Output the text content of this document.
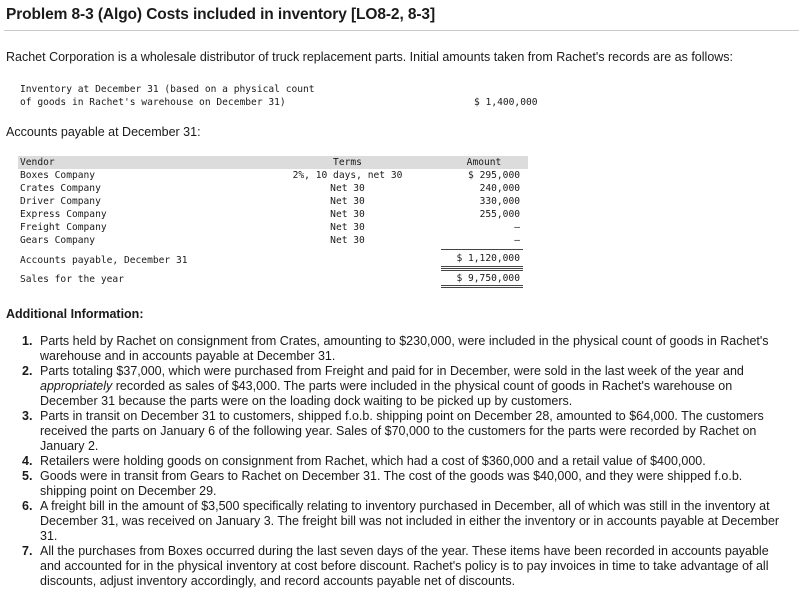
Problem 8-3 (Algo) Costs included in inventory [LO8-2, 8-3]
Rachet Corporation is a wholesale distributor of truck replacement parts. Initial amounts taken from Rachet's records are as follows:
Inventory at December 31 (based on a physical count
of goods in Rachet's warehouse on December 31)	$ 1,400,000
Accounts payable at December 31:
Vendor	Terms	Amount
Boxes Company	2%, 10 days, net 30	$ 295,000
Crates Company	Net 30	240,000
Driver Company	Net 30	330,000
Express Company	Net 30	255,000
Freight Company	Net 30	–
Gears Company	Net 30	–
Accounts payable, December 31	$ 1,120,000
Sales for the year	$ 9,750,000
Additional Information:
1. Parts held by Rachet on consignment from Crates, amounting to $230,000, were included in the physical count of goods in Rachet's warehouse and in accounts payable at December 31.
2. Parts totaling $37,000, which were purchased from Freight and paid for in December, were sold in the last week of the year and appropriately recorded as sales of $43,000. The parts were included in the physical count of goods in Rachet's warehouse on December 31 because the parts were on the loading dock waiting to be picked up by customers.
3. Parts in transit on December 31 to customers, shipped f.o.b. shipping point on December 28, amounted to $64,000. The customers received the parts on January 6 of the following year. Sales of $70,000 to the customers for the parts were recorded by Rachet on January 2.
4. Retailers were holding goods on consignment from Rachet, which had a cost of $360,000 and a retail value of $400,000.
5. Goods were in transit from Gears to Rachet on December 31. The cost of the goods was $40,000, and they were shipped f.o.b. shipping point on December 29.
6. A freight bill in the amount of $3,500 specifically relating to inventory purchased in December, all of which was still in the inventory at December 31, was received on January 3. The freight bill was not included in either the inventory or in accounts payable at December 31.
7. All the purchases from Boxes occurred during the last seven days of the year. These items have been recorded in accounts payable and accounted for in the physical inventory at cost before discount. Rachet's policy is to pay invoices in time to take advantage of all discounts, adjust inventory accordingly, and record accounts payable net of discounts.
